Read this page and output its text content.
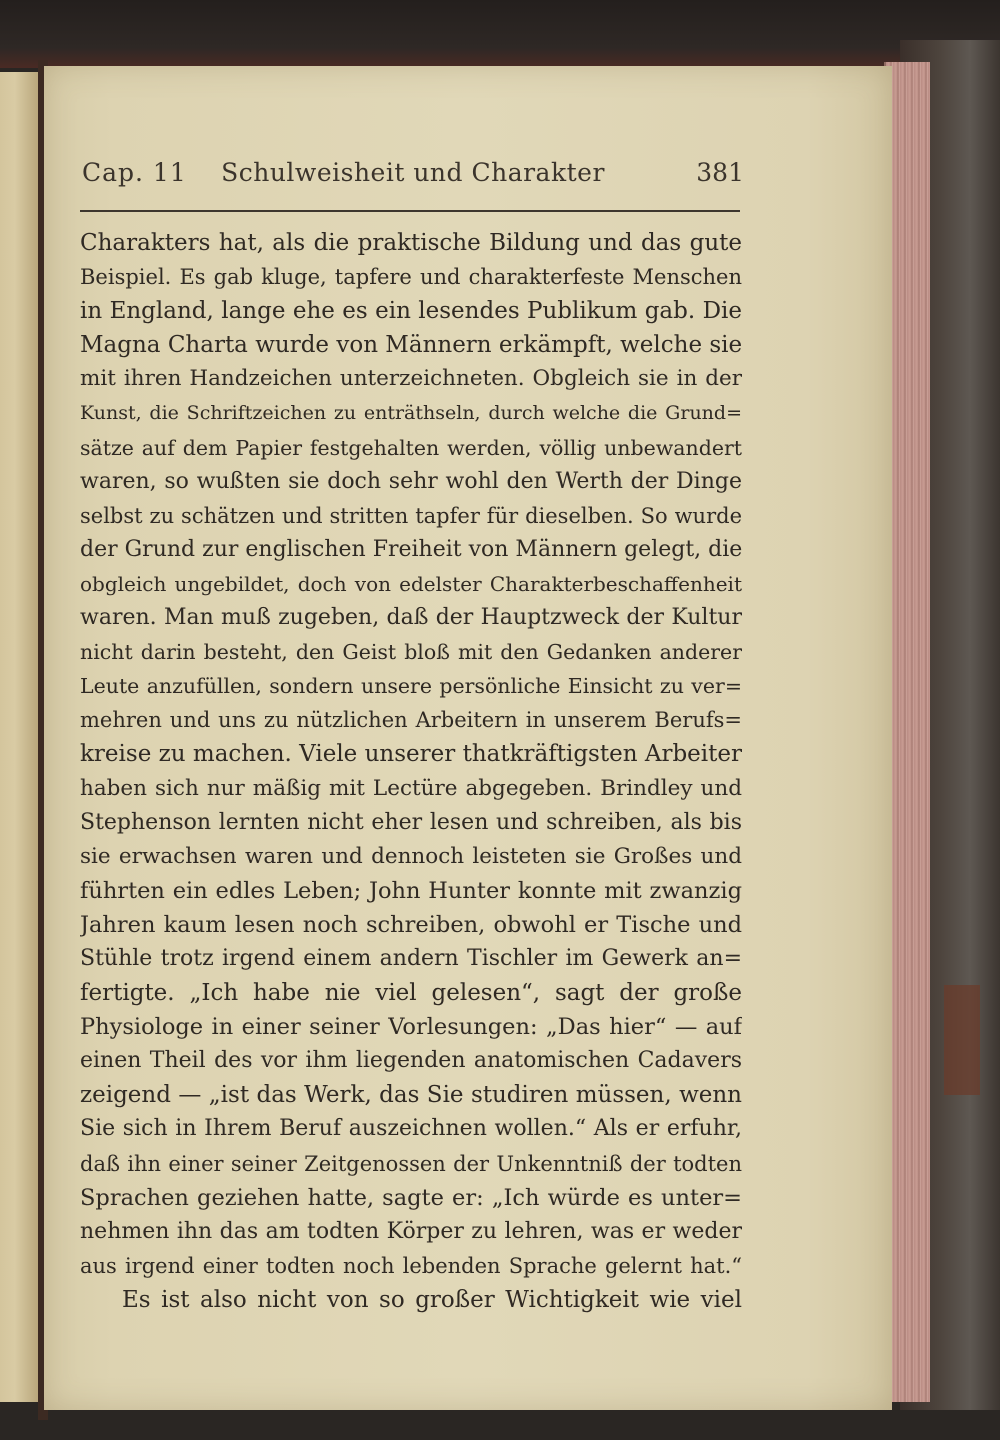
Cap. 11	Schulweisheit und Charakter	381
Charakters hat, als die praktische Bildung und das gute
Beispiel. Es gab kluge, tapfere und charakterfeste Menschen
in England, lange ehe es ein lesendes Publikum gab. Die
Magna Charta wurde von Männern erkämpft, welche sie
mit ihren Handzeichen unterzeichneten. Obgleich sie in der
Kunst, die Schriftzeichen zu enträthseln, durch welche die Grund=
sätze auf dem Papier festgehalten werden, völlig unbewandert
waren, so wußten sie doch sehr wohl den Werth der Dinge
selbst zu schätzen und stritten tapfer für dieselben. So wurde
der Grund zur englischen Freiheit von Männern gelegt, die
obgleich ungebildet, doch von edelster Charakterbeschaffenheit
waren. Man muß zugeben, daß der Hauptzweck der Kultur
nicht darin besteht, den Geist bloß mit den Gedanken anderer
Leute anzufüllen, sondern unsere persönliche Einsicht zu ver=
mehren und uns zu nützlichen Arbeitern in unserem Berufs=
kreise zu machen. Viele unserer thatkräftigsten Arbeiter
haben sich nur mäßig mit Lectüre abgegeben. Brindley und
Stephenson lernten nicht eher lesen und schreiben, als bis
sie erwachsen waren und dennoch leisteten sie Großes und
führten ein edles Leben; John Hunter konnte mit zwanzig
Jahren kaum lesen noch schreiben, obwohl er Tische und
Stühle trotz irgend einem andern Tischler im Gewerk an=
fertigte. „Ich habe nie viel gelesen“, sagt der große
Physiologe in einer seiner Vorlesungen: „Das hier“ — auf
einen Theil des vor ihm liegenden anatomischen Cadavers
zeigend — „ist das Werk, das Sie studiren müssen, wenn
Sie sich in Ihrem Beruf auszeichnen wollen.“ Als er erfuhr,
daß ihn einer seiner Zeitgenossen der Unkenntniß der todten
Sprachen geziehen hatte, sagte er: „Ich würde es unter=
nehmen ihn das am todten Körper zu lehren, was er weder
aus irgend einer todten noch lebenden Sprache gelernt hat.“
Es ist also nicht von so großer Wichtigkeit wie viel
